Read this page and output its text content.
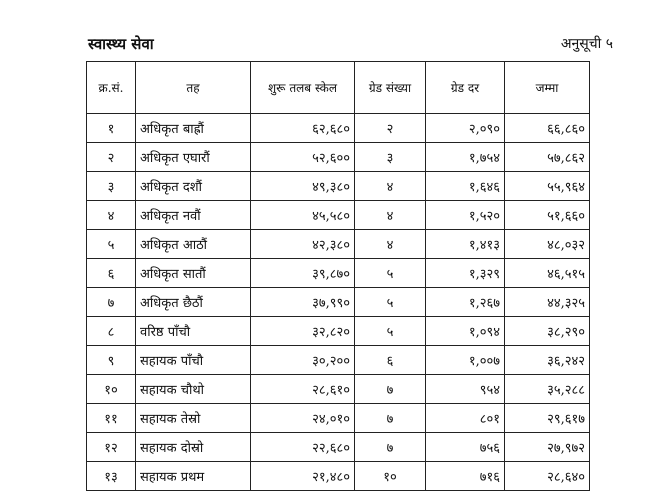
स्वास्थ्य सेवा	अनुसूची ५
क्र.सं.	तह	शुरू तलब स्केल	ग्रेड संख्या	ग्रेड दर	जम्मा
१	अधिकृत बाह्रौं	६२,६८०	२	२,०९०	६६,८६०
२	अधिकृत एघारौं	५२,६००	३	१,७५४	५७,८६२
३	अधिकृत दशौं	४९,३८०	४	१,६४६	५५,९६४
४	अधिकृत नवौं	४५,५८०	४	१,५२०	५१,६६०
५	अधिकृत आठौं	४२,३८०	४	१,४१३	४८,०३२
६	अधिकृत सातौं	३९,८७०	५	१,३२९	४६,५१५
७	अधिकृत छैठौं	३७,९९०	५	१,२६७	४४,३२५
८	वरिष्ठ पाँचौ	३२,८२०	५	१,०९४	३८,२९०
९	सहायक पाँचौ	३०,२००	६	१,००७	३६,२४२
१०	सहायक चौथो	२८,६१०	७	९५४	३५,२८८
११	सहायक तेस्रो	२४,०१०	७	८०१	२९,६१७
१२	सहायक दोस्रो	२२,६८०	७	७५६	२७,९७२
१३	सहायक प्रथम	२१,४८०	१०	७१६	२८,६४०
